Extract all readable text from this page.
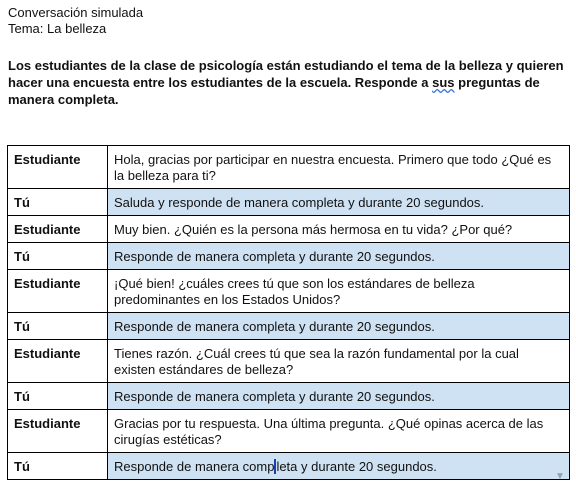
Conversación simulada

Tema: La belleza

Los estudiantes de la clase de psicología están estudiando el tema de la belleza y quieren hacer una encuesta entre los estudiantes de la escuela. Responde a sus preguntas de manera completa.

Estudiante	Hola, gracias por participar en nuestra encuesta. Primero que todo ¿Qué es la belleza para ti?
Tú	Saluda y responde de manera completa y durante 20 segundos.
Estudiante	Muy bien. ¿Quién es la persona más hermosa en tu vida? ¿Por qué?
Tú	Responde de manera completa y durante 20 segundos.
Estudiante	¡Qué bien! ¿cuáles crees tú que son los estándares de belleza predominantes en los Estados Unidos?
Tú	Responde de manera completa y durante 20 segundos.
Estudiante	Tienes razón. ¿Cuál crees tú que sea la razón fundamental por la cual existen estándares de belleza?
Tú	Responde de manera completa y durante 20 segundos.
Estudiante	Gracias por tu respuesta. Una última pregunta. ¿Qué opinas acerca de las cirugías estéticas?
Tú	Responde de manera comp leta y durante 20 segundos.
▼
